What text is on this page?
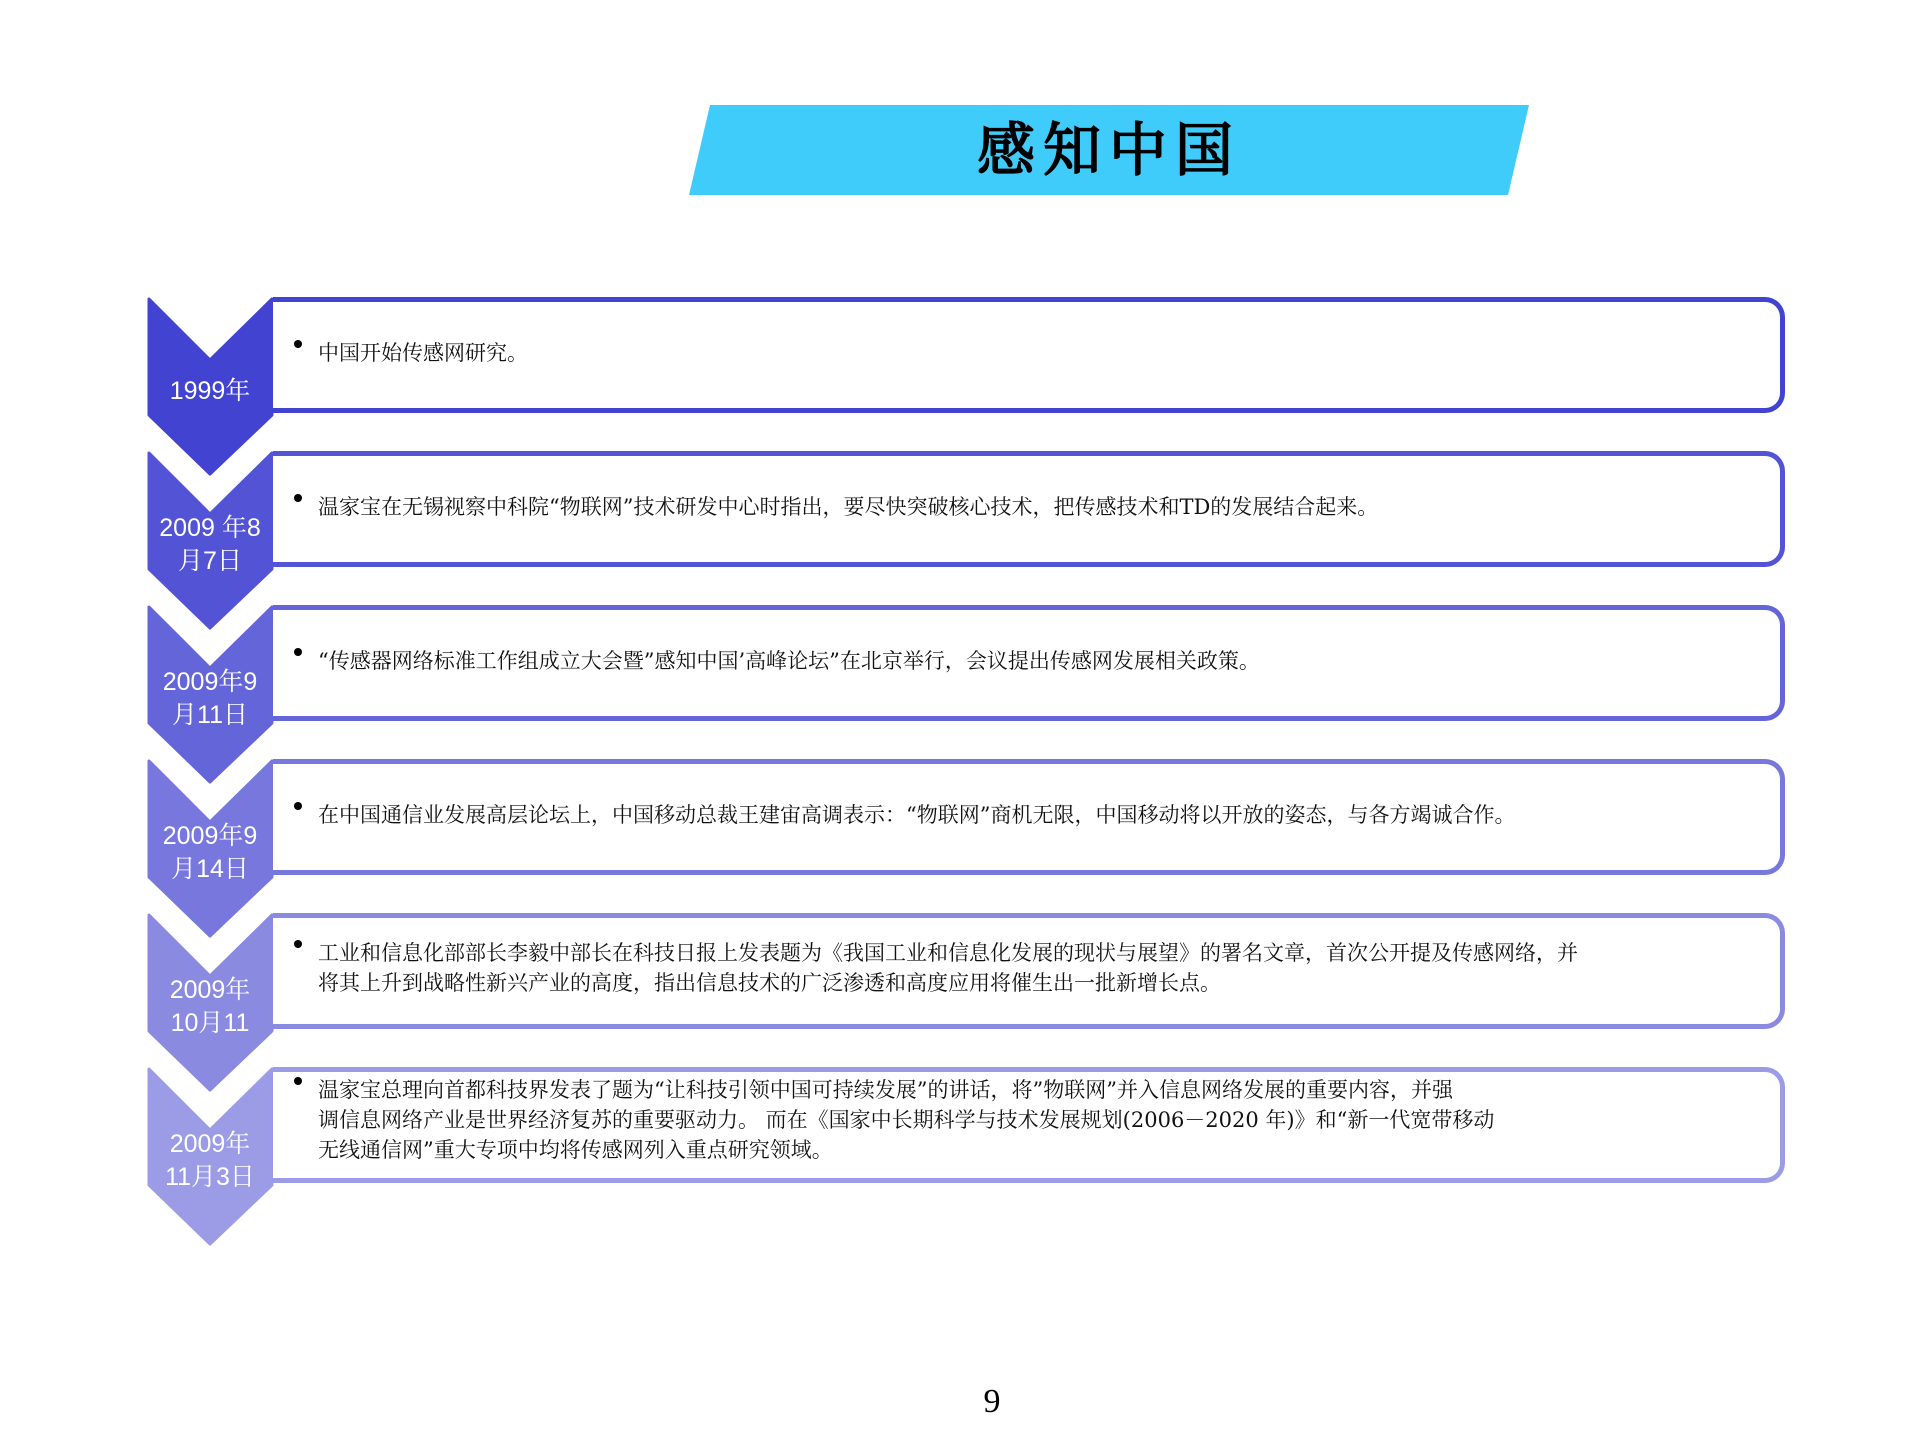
感知中国
1999年
中国开始传感网研究。
2009 年8
月7日
温家宝在无锡视察中科院“物联网”技术研发中心时指出，要尽快突破核心技术，把传感技术和TD的发展结合起来。
2009年9
月11日
“传感器网络标准工作组成立大会暨”感知中国’高峰论坛”在北京举行，会议提出传感网发展相关政策。
2009年9
月14日
在中国通信业发展高层论坛上，中国移动总裁王建宙高调表示：“物联网”商机无限，中国移动将以开放的姿态，与各方竭诚合作。
2009年
10月11
工业和信息化部部长李毅中部长在科技日报上发表题为《我国工业和信息化发展的现状与展望》的署名文章，首次公开提及传感网络，并
将其上升到战略性新兴产业的高度，指出信息技术的广泛渗透和高度应用将催生出一批新增长点。
2009年
11月3日
温家宝总理向首都科技界发表了题为“让科技引领中国可持续发展”的讲话，将”物联网”并入信息网络发展的重要内容，并强
调信息网络产业是世界经济复苏的重要驱动力。 而在《国家中长期科学与技术发展规划(2006－2020 年)》和“新一代宽带移动
无线通信网”重大专项中均将传感网列入重点研究领域。
9
